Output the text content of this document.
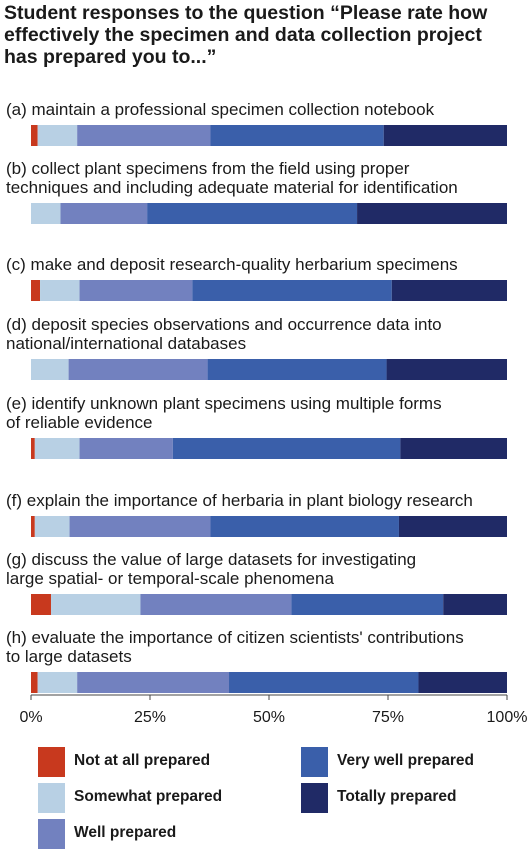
Student responses to the question “Please rate how
effectively the specimen and data collection project
has prepared you to...”
(a) maintain a professional specimen collection notebook
(b) collect plant specimens from the field using proper
techniques and including adequate material for identification
(c) make and deposit research-quality herbarium specimens
(d) deposit species observations and occurrence data into
national/international databases
(e) identify unknown plant specimens using multiple forms
of reliable evidence
(f) explain the importance of herbaria in plant biology research
(g) discuss the value of large datasets for investigating
large spatial- or temporal-scale phenomena
(h) evaluate the importance of citizen scientists' contributions
to large datasets
0%	25%	50%	75%	100%
Not at all prepared
Somewhat prepared
Well prepared
Very well prepared
Totally prepared
